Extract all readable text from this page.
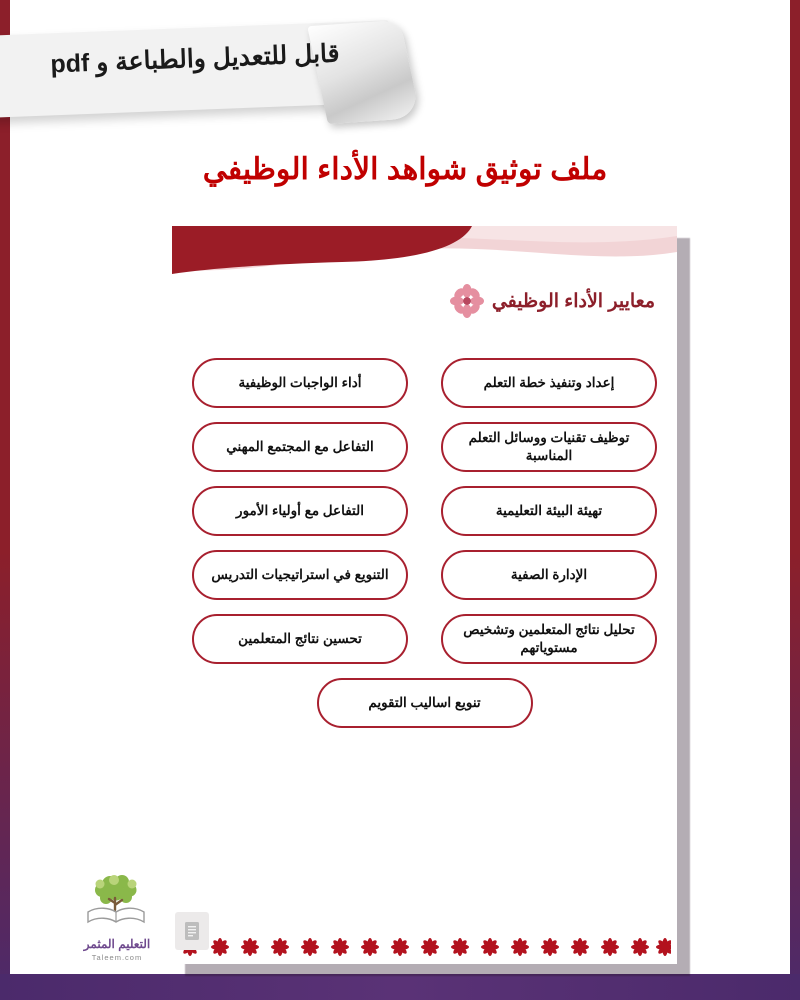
قابل للتعديل والطباعة و pdf
ملف توثيق شواهد الأداء الوظيفي
معايير الأداء الوظيفي
إعداد وتنفيذ خطة التعلم
أداء الواجبات الوظيفية
توظيف تقنيات ووسائل التعلم المناسبة
التفاعل مع المجتمع المهني
تهيئة البيئة التعليمية
التفاعل مع أولياء الأمور
الإدارة الصفية
التنويع في استراتيجيات التدريس
تحليل نتائج المتعلمين وتشخيص مستوياتهم
تحسين نتائج المتعلمين
تنويع اساليب التقويم
التعليم المثمر
Taleem.com
